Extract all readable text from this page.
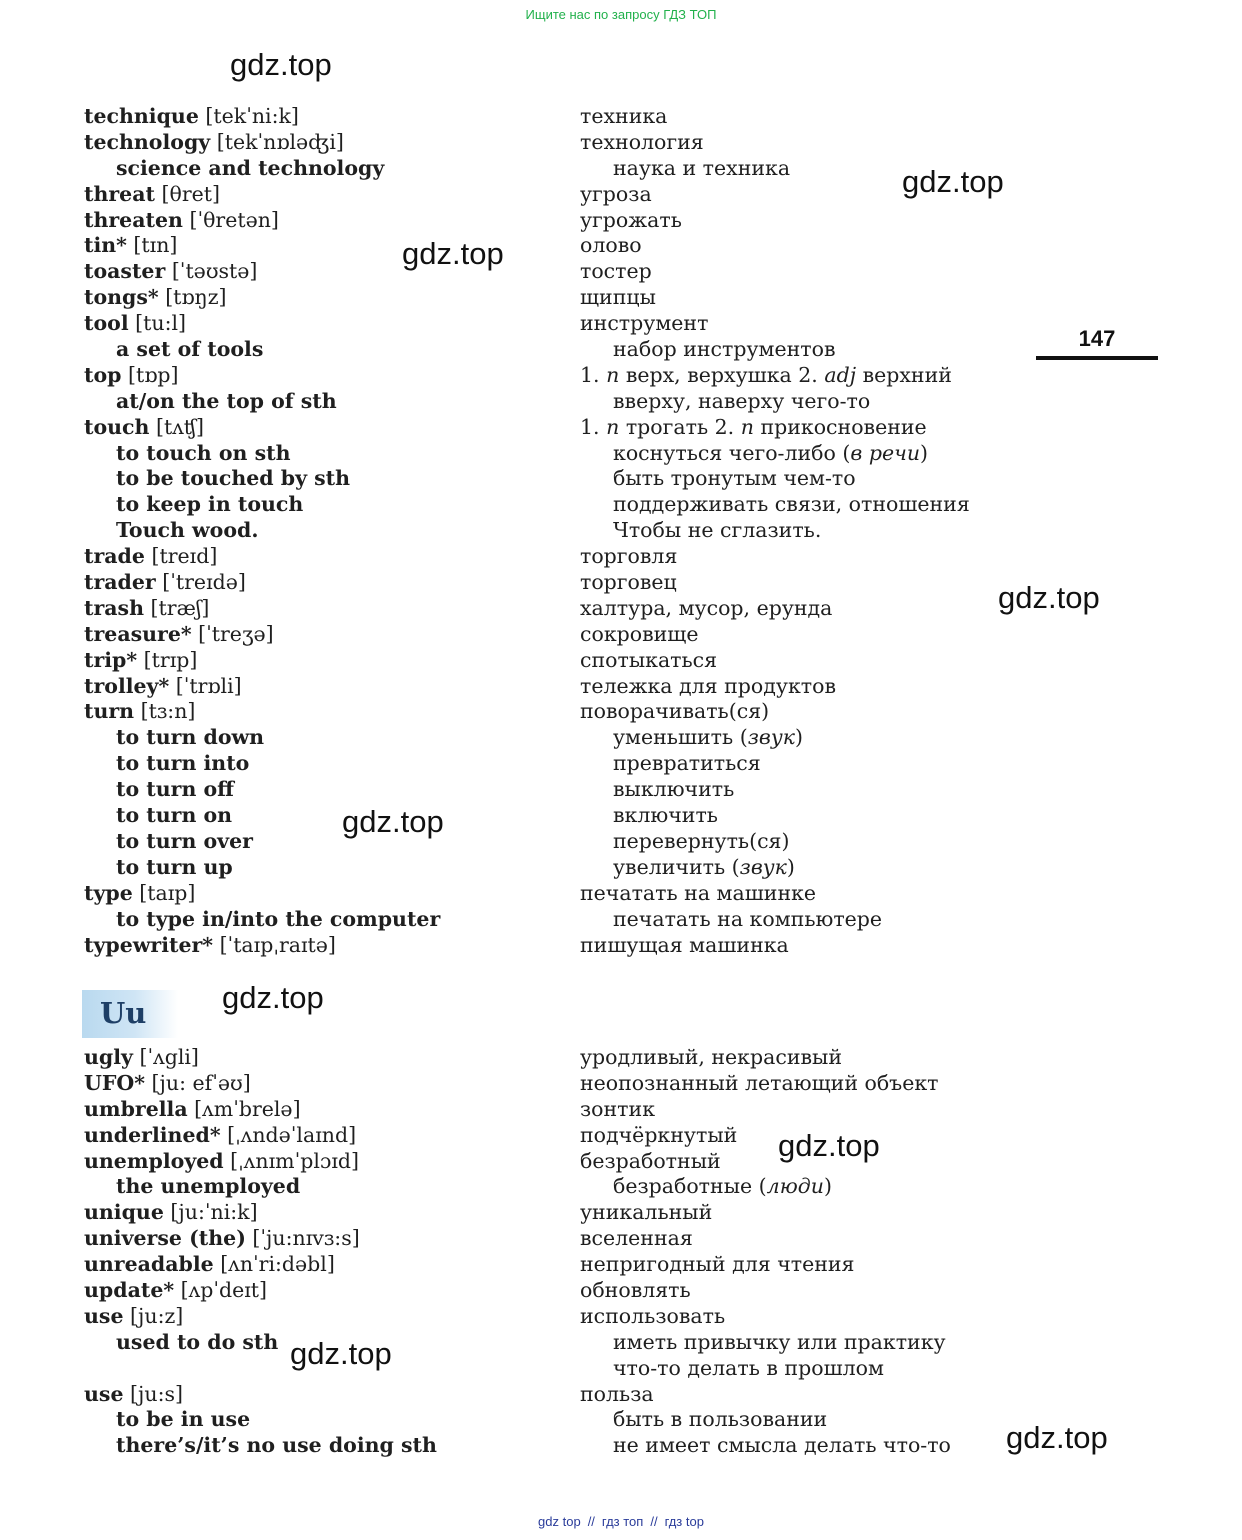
Ищите нас по запросу ГДЗ ТОП
gdz.top
gdz.top
gdz.top
gdz.top
gdz.top
gdz.top
gdz.top
gdz.top
gdz.top
147
technique [tekˈni:k]	техника
technology [tekˈnɒləʤi]	технология
science and technology	наука и техника
threat [θret]	угроза
threaten [ˈθretən]	угрожать
tin* [tɪn]	олово
toaster [ˈtəʊstə]	тостер
tongs* [tɒŋz]	щипцы
tool [tu:l]	инструмент
a set of tools	набор инструментов
top [tɒp]	1. n верх, верхушка 2. adj верхний
at/on the top of sth	вверху, наверху чего-то
touch [tʌʧ]	1. n трогать 2. n прикосновение
to touch on sth	коснуться чего-либо (в речи)
to be touched by sth	быть тронутым чем-то
to keep in touch	поддерживать связи, отношения
Touch wood.	Чтобы не сглазить.
trade [treɪd]	торговля
trader [ˈtreɪdə]	торговец
trash [træʃ]	халтура, мусор, ерунда
treasure* [ˈtreʒə]	сокровище
trip* [trɪp]	спотыкаться
trolley* [ˈtrɒli]	тележка для продуктов
turn [tɜ:n]	поворачивать(ся)
to turn down	уменьшить (звук)
to turn into	превратиться
to turn off	выключить
to turn on	включить
to turn over	перевернуть(ся)
to turn up	увеличить (звук)
type [taɪp]	печатать на машинке
to type in/into the computer	печатать на компьютере
typewriter* [ˈtaɪpˌraɪtə]	пишущая машинка
Uu
ugly [ˈʌgli]	уродливый, некрасивый
UFO* [ju: efˈəʊ]	неопознанный летающий объект
umbrella [ʌmˈbrelə]	зонтик
underlined* [ˌʌndəˈlaɪnd]	подчёркнутый
unemployed [ˌʌnɪmˈplɔɪd]	безработный
the unemployed	безработные (люди)
unique [ju:ˈni:k]	уникальный
universe (the) [ˈju:nɪvɜ:s]	вселенная
unreadable [ʌnˈri:dəbl]	непригодный для чтения
update* [ʌpˈdeɪt]	обновлять
use [ju:z]	использовать
used to do sth	иметь привычку или практику
что-то делать в прошлом
use [ju:s]	польза
to be in use	быть в пользовании
there’s/it’s no use doing sth	не имеет смысла делать что-то
gdz top // гдз топ // гдз top
